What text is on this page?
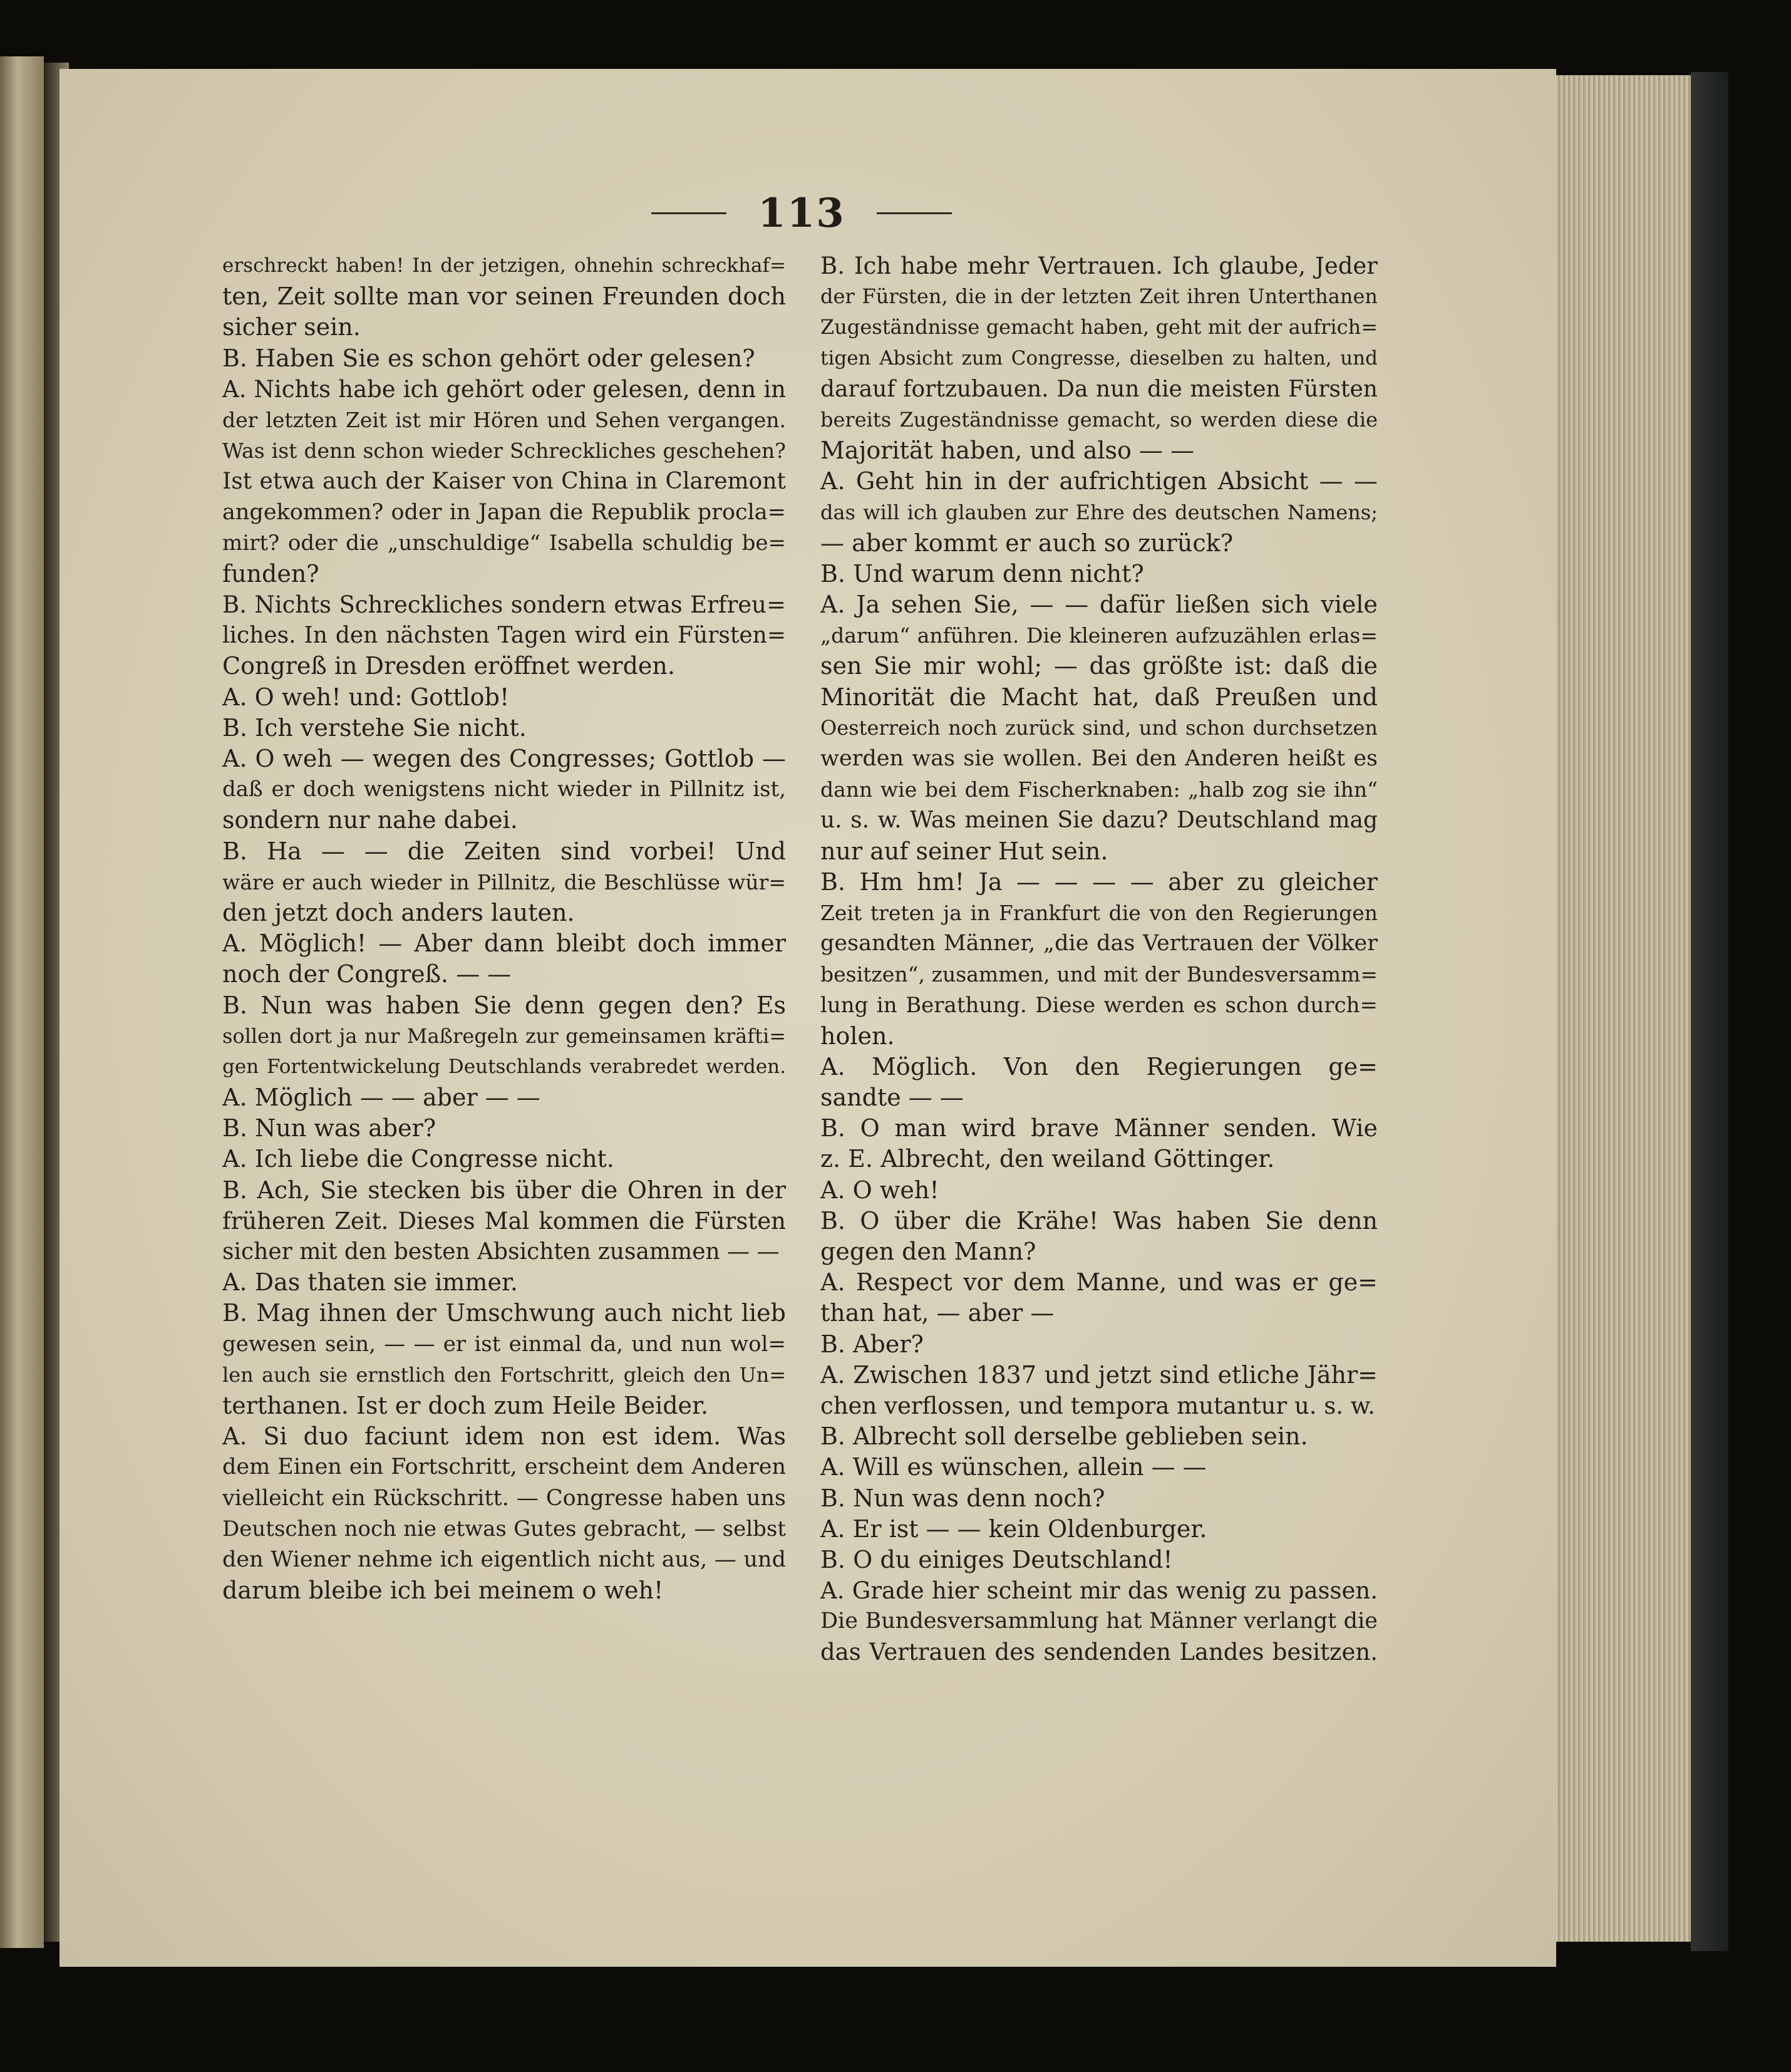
113
erschreckt haben! In der jetzigen, ohnehin schreckhaf=
ten, Zeit sollte man vor seinen Freunden doch
sicher sein.
B. Haben Sie es schon gehört oder gelesen?
A. Nichts habe ich gehört oder gelesen, denn in
der letzten Zeit ist mir Hören und Sehen vergangen.
Was ist denn schon wieder Schreckliches geschehen?
Ist etwa auch der Kaiser von China in Claremont
angekommen? oder in Japan die Republik procla=
mirt? oder die „unschuldige“ Isabella schuldig be=
funden?
B. Nichts Schreckliches sondern etwas Erfreu=
liches. In den nächsten Tagen wird ein Fürsten=
Congreß in Dresden eröffnet werden.
A. O weh! und: Gottlob!
B. Ich verstehe Sie nicht.
A. O weh — wegen des Congresses; Gottlob —
daß er doch wenigstens nicht wieder in Pillnitz ist,
sondern nur nahe dabei.
B. Ha — — die Zeiten sind vorbei! Und
wäre er auch wieder in Pillnitz, die Beschlüsse wür=
den jetzt doch anders lauten.
A. Möglich! — Aber dann bleibt doch immer
noch der Congreß. — —
B. Nun was haben Sie denn gegen den? Es
sollen dort ja nur Maßregeln zur gemeinsamen kräfti=
gen Fortentwickelung Deutschlands verabredet werden.
A. Möglich — — aber — —
B. Nun was aber?
A. Ich liebe die Congresse nicht.
B. Ach, Sie stecken bis über die Ohren in der
früheren Zeit. Dieses Mal kommen die Fürsten
sicher mit den besten Absichten zusammen — —
A. Das thaten sie immer.
B. Mag ihnen der Umschwung auch nicht lieb
gewesen sein, — — er ist einmal da, und nun wol=
len auch sie ernstlich den Fortschritt, gleich den Un=
terthanen. Ist er doch zum Heile Beider.
A. Si duo faciunt idem non est idem. Was
dem Einen ein Fortschritt, erscheint dem Anderen
vielleicht ein Rückschritt. — Congresse haben uns
Deutschen noch nie etwas Gutes gebracht, — selbst
den Wiener nehme ich eigentlich nicht aus, — und
darum bleibe ich bei meinem o weh!
B. Ich habe mehr Vertrauen. Ich glaube, Jeder
der Fürsten, die in der letzten Zeit ihren Unterthanen
Zugeständnisse gemacht haben, geht mit der aufrich=
tigen Absicht zum Congresse, dieselben zu halten, und
darauf fortzubauen. Da nun die meisten Fürsten
bereits Zugeständnisse gemacht, so werden diese die
Majorität haben, und also — —
A. Geht hin in der aufrichtigen Absicht — —
das will ich glauben zur Ehre des deutschen Namens;
— aber kommt er auch so zurück?
B. Und warum denn nicht?
A. Ja sehen Sie, — — dafür ließen sich viele
„darum“ anführen. Die kleineren aufzuzählen erlas=
sen Sie mir wohl; — das größte ist: daß die
Minorität die Macht hat, daß Preußen und
Oesterreich noch zurück sind, und schon durchsetzen
werden was sie wollen. Bei den Anderen heißt es
dann wie bei dem Fischerknaben: „halb zog sie ihn“
u. s. w. Was meinen Sie dazu? Deutschland mag
nur auf seiner Hut sein.
B. Hm hm! Ja — — — — aber zu gleicher
Zeit treten ja in Frankfurt die von den Regierungen
gesandten Männer, „die das Vertrauen der Völker
besitzen“, zusammen, und mit der Bundesversamm=
lung in Berathung. Diese werden es schon durch=
holen.
A. Möglich. Von den Regierungen ge=
sandte — —
B. O man wird brave Männer senden. Wie
z. E. Albrecht, den weiland Göttinger.
A. O weh!
B. O über die Krähe! Was haben Sie denn
gegen den Mann?
A. Respect vor dem Manne, und was er ge=
than hat, — aber —
B. Aber?
A. Zwischen 1837 und jetzt sind etliche Jähr=
chen verflossen, und tempora mutantur u. s. w.
B. Albrecht soll derselbe geblieben sein.
A. Will es wünschen, allein — —
B. Nun was denn noch?
A. Er ist — — kein Oldenburger.
B. O du einiges Deutschland!
A. Grade hier scheint mir das wenig zu passen.
Die Bundesversammlung hat Männer verlangt die
das Vertrauen des sendenden Landes besitzen.
